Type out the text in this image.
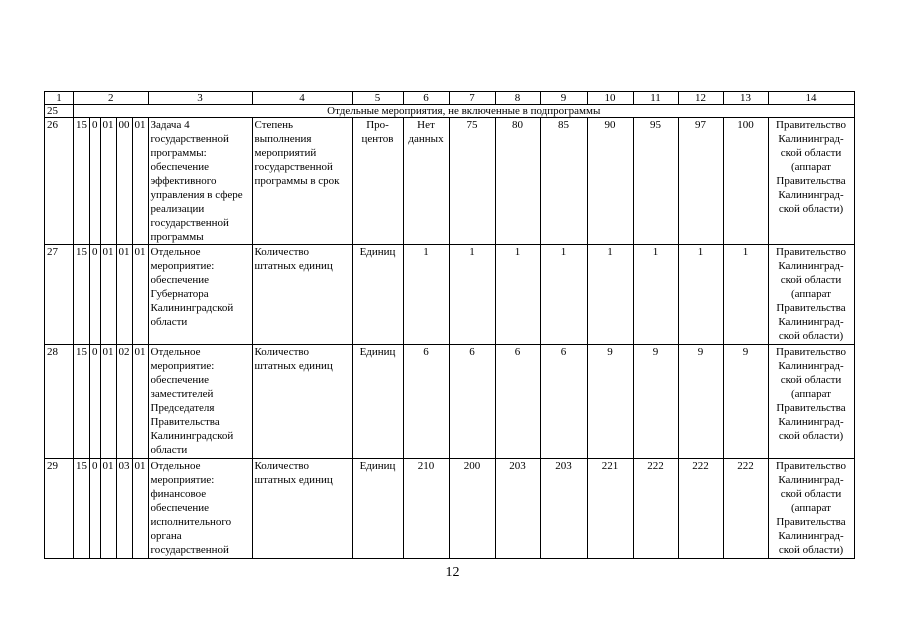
1	2					3	4	5	6	7	8	9	10	11	12	13	14
25	Отдельные мероприятия, не включенные в подпрограммы																
26	15	0	01	00	01	Задача 4 государственной программы: обеспечение эффективного управления в сфере реализации государственной программы	Степень выполнения мероприятий государственной программы в срок	Про-центов	Нет данных	75	80	85	90	95	97	100	Правительство Калининград-ской области (аппарат Правительства Калининград-ской области)
27	15	0	01	01	01	Отдельное мероприятие: обеспечение Губернатора Калининградской области	Количество штатных единиц	Единиц	1	1	1	1	1	1	1	1	Правительство Калининград-ской области (аппарат Правительства Калининград-ской области)
28	15	0	01	02	01	Отдельное мероприятие: обеспечение заместителей Председателя Правительства Калининградской области	Количество штатных единиц	Единиц	6	6	6	6	9	9	9	9	Правительство Калининград-ской области (аппарат Правительства Калининград-ской области)
29	15	0	01	03	01	Отдельное мероприятие: финансовое обеспечение исполнительного органа государственной	Количество штатных единиц	Единиц	210	200	203	203	221	222	222	222	Правительство Калининград-ской области (аппарат Правительства Калининград-ской области)
12
